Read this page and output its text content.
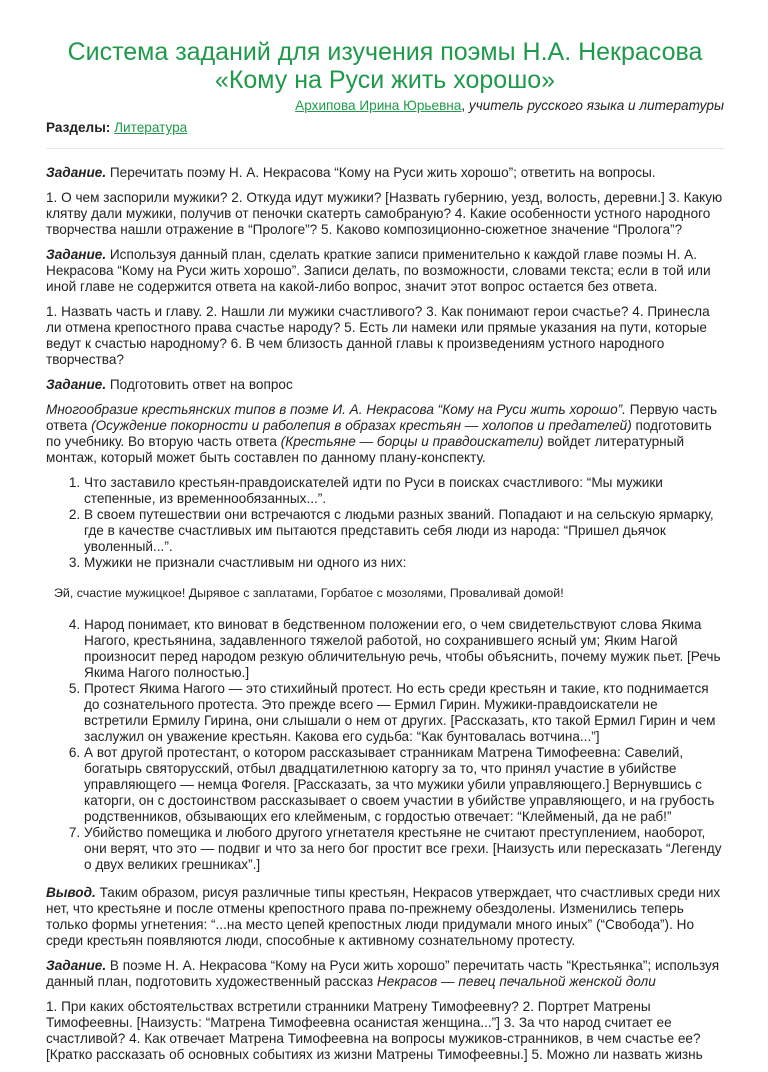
Система заданий для изучения поэмы Н.А. Некрасова «Кому на Руси жить хорошо»
Архипова Ирина Юрьевна, учитель русского языка и литературы
Разделы: Литература

Задание. Перечитать поэму Н. А. Некрасова “Кому на Руси жить хорошо”; ответить на вопросы.

1. О чем заспорили мужики? 2. Откуда идут мужики? [Назвать губернию, уезд, волость, деревни.] 3. Какую клятву дали мужики, получив от пеночки скатерть самобраную? 4. Какие особенности устного народного творчества нашли отражение в “Прологе”? 5. Каково композиционно-сюжетное значение “Пролога”?

Задание. Используя данный план, сделать краткие записи применительно к каждой главе поэмы Н. А. Некрасова “Кому на Руси жить хорошо”. Записи делать, по возможности, словами текста; если в той или иной главе не содержится ответа на какой-либо вопрос, значит этот вопрос остается без ответа.

1. Назвать часть и главу. 2. Нашли ли мужики счастливого? 3. Как понимают герои счастье? 4. Принесла ли отмена крепостного права счастье народу? 5. Есть ли намеки или прямые указания на пути, которые ведут к счастью народному? 6. В чем близость данной главы к произведениям устного народного творчества?

Задание. Подготовить ответ на вопрос

Многообразие крестьянских типов в поэме И. А. Некрасова “Кому на Руси жить хорошо”. Первую часть ответа (Осуждение покорности и раболепия в образах крестьян — холопов и предателей) подготовить по учебнику. Во вторую часть ответа (Крестьяне — борцы и правдоискатели) войдет литературный монтаж, который может быть составлен по данному плану-конспекту.

1. Что заставило крестьян-правдоискателей идти по Руси в поисках счастливого: “Мы мужики степенные, из временнообязанных...”.
2. В своем путешествии они встречаются с людьми разных званий. Попадают и на сельскую ярмарку, где в качестве счастливых им пытаются представить себя люди из народа: “Пришел дьячок уволенный...”.
3. Мужики не признали счастливым ни одного из них:
Эй, счастие мужицкое! Дырявое с заплатами, Горбатое с мозолями, Проваливай домой!
4. Народ понимает, кто виноват в бедственном положении его, о чем свидетельствуют слова Якима Нагого, крестьянина, задавленного тяжелой работой, но сохранившего ясный ум; Яким Нагой произносит перед народом резкую обличительную речь, чтобы объяснить, почему мужик пьет. [Речь Якима Нагого полностью.]
5. Протест Якима Нагого — это стихийный протест. Но есть среди крестьян и такие, кто поднимается до сознательного протеста. Это прежде всего — Ермил Гирин. Мужики-правдоискатели не встретили Ермилу Гирина, они слышали о нем от других. [Рассказать, кто такой Ермил Гирин и чем заслужил он уважение крестьян. Какова его судьба: “Как бунтовалась вотчина...”]
6. А вот другой протестант, о котором рассказывает странникам Матрена Тимофеевна: Савелий, богатырь святорусский, отбыл двадцатилетнюю каторгу за то, что принял участие в убийстве управляющего — немца Фогеля. [Рассказать, за что мужики убили управляющего.] Вернувшись с каторги, он с достоинством рассказывает о своем участии в убийстве управляющего, и на грубость родственников, обзывающих его клейменым, с гордостью отвечает: “Клейменый, да не раб!”
7. Убийство помещика и любого другого угнетателя крестьяне не считают преступлением, наоборот, они верят, что это — подвиг и что за него бог простит все грехи. [Наизусть или пересказать “Легенду о двух великих грешниках”.]

Вывод. Таким образом, рисуя различные типы крестьян, Некрасов утверждает, что счастливых среди них нет, что крестьяне и после отмены крепостного права по-прежнему обездолены. Изменились теперь только формы угнетения: “...на место цепей крепостных люди придумали много иных” (“Свобода”). Но среди крестьян появляются люди, способные к активному сознательному протесту.

Задание. В поэме Н. А. Некрасова “Кому на Руси жить хорошо” перечитать часть “Крестьянка”; используя данный план, подготовить художественный рассказ Некрасов — певец печальной женской доли

1. При каких обстоятельствах встретили странники Матрену Тимофеевну? 2. Портрет Матрены Тимофеевны. [Наизусть: “Матрена Тимофеевна осанистая женщина...”] 3. За что народ считает ее счастливой? 4. Как отвечает Матрена Тимофеевна на вопросы мужиков-странников, в чем счастье ее? [Кратко рассказать об основных событиях из жизни Матрены Тимофеевны.] 5. Можно ли назвать жизнь
